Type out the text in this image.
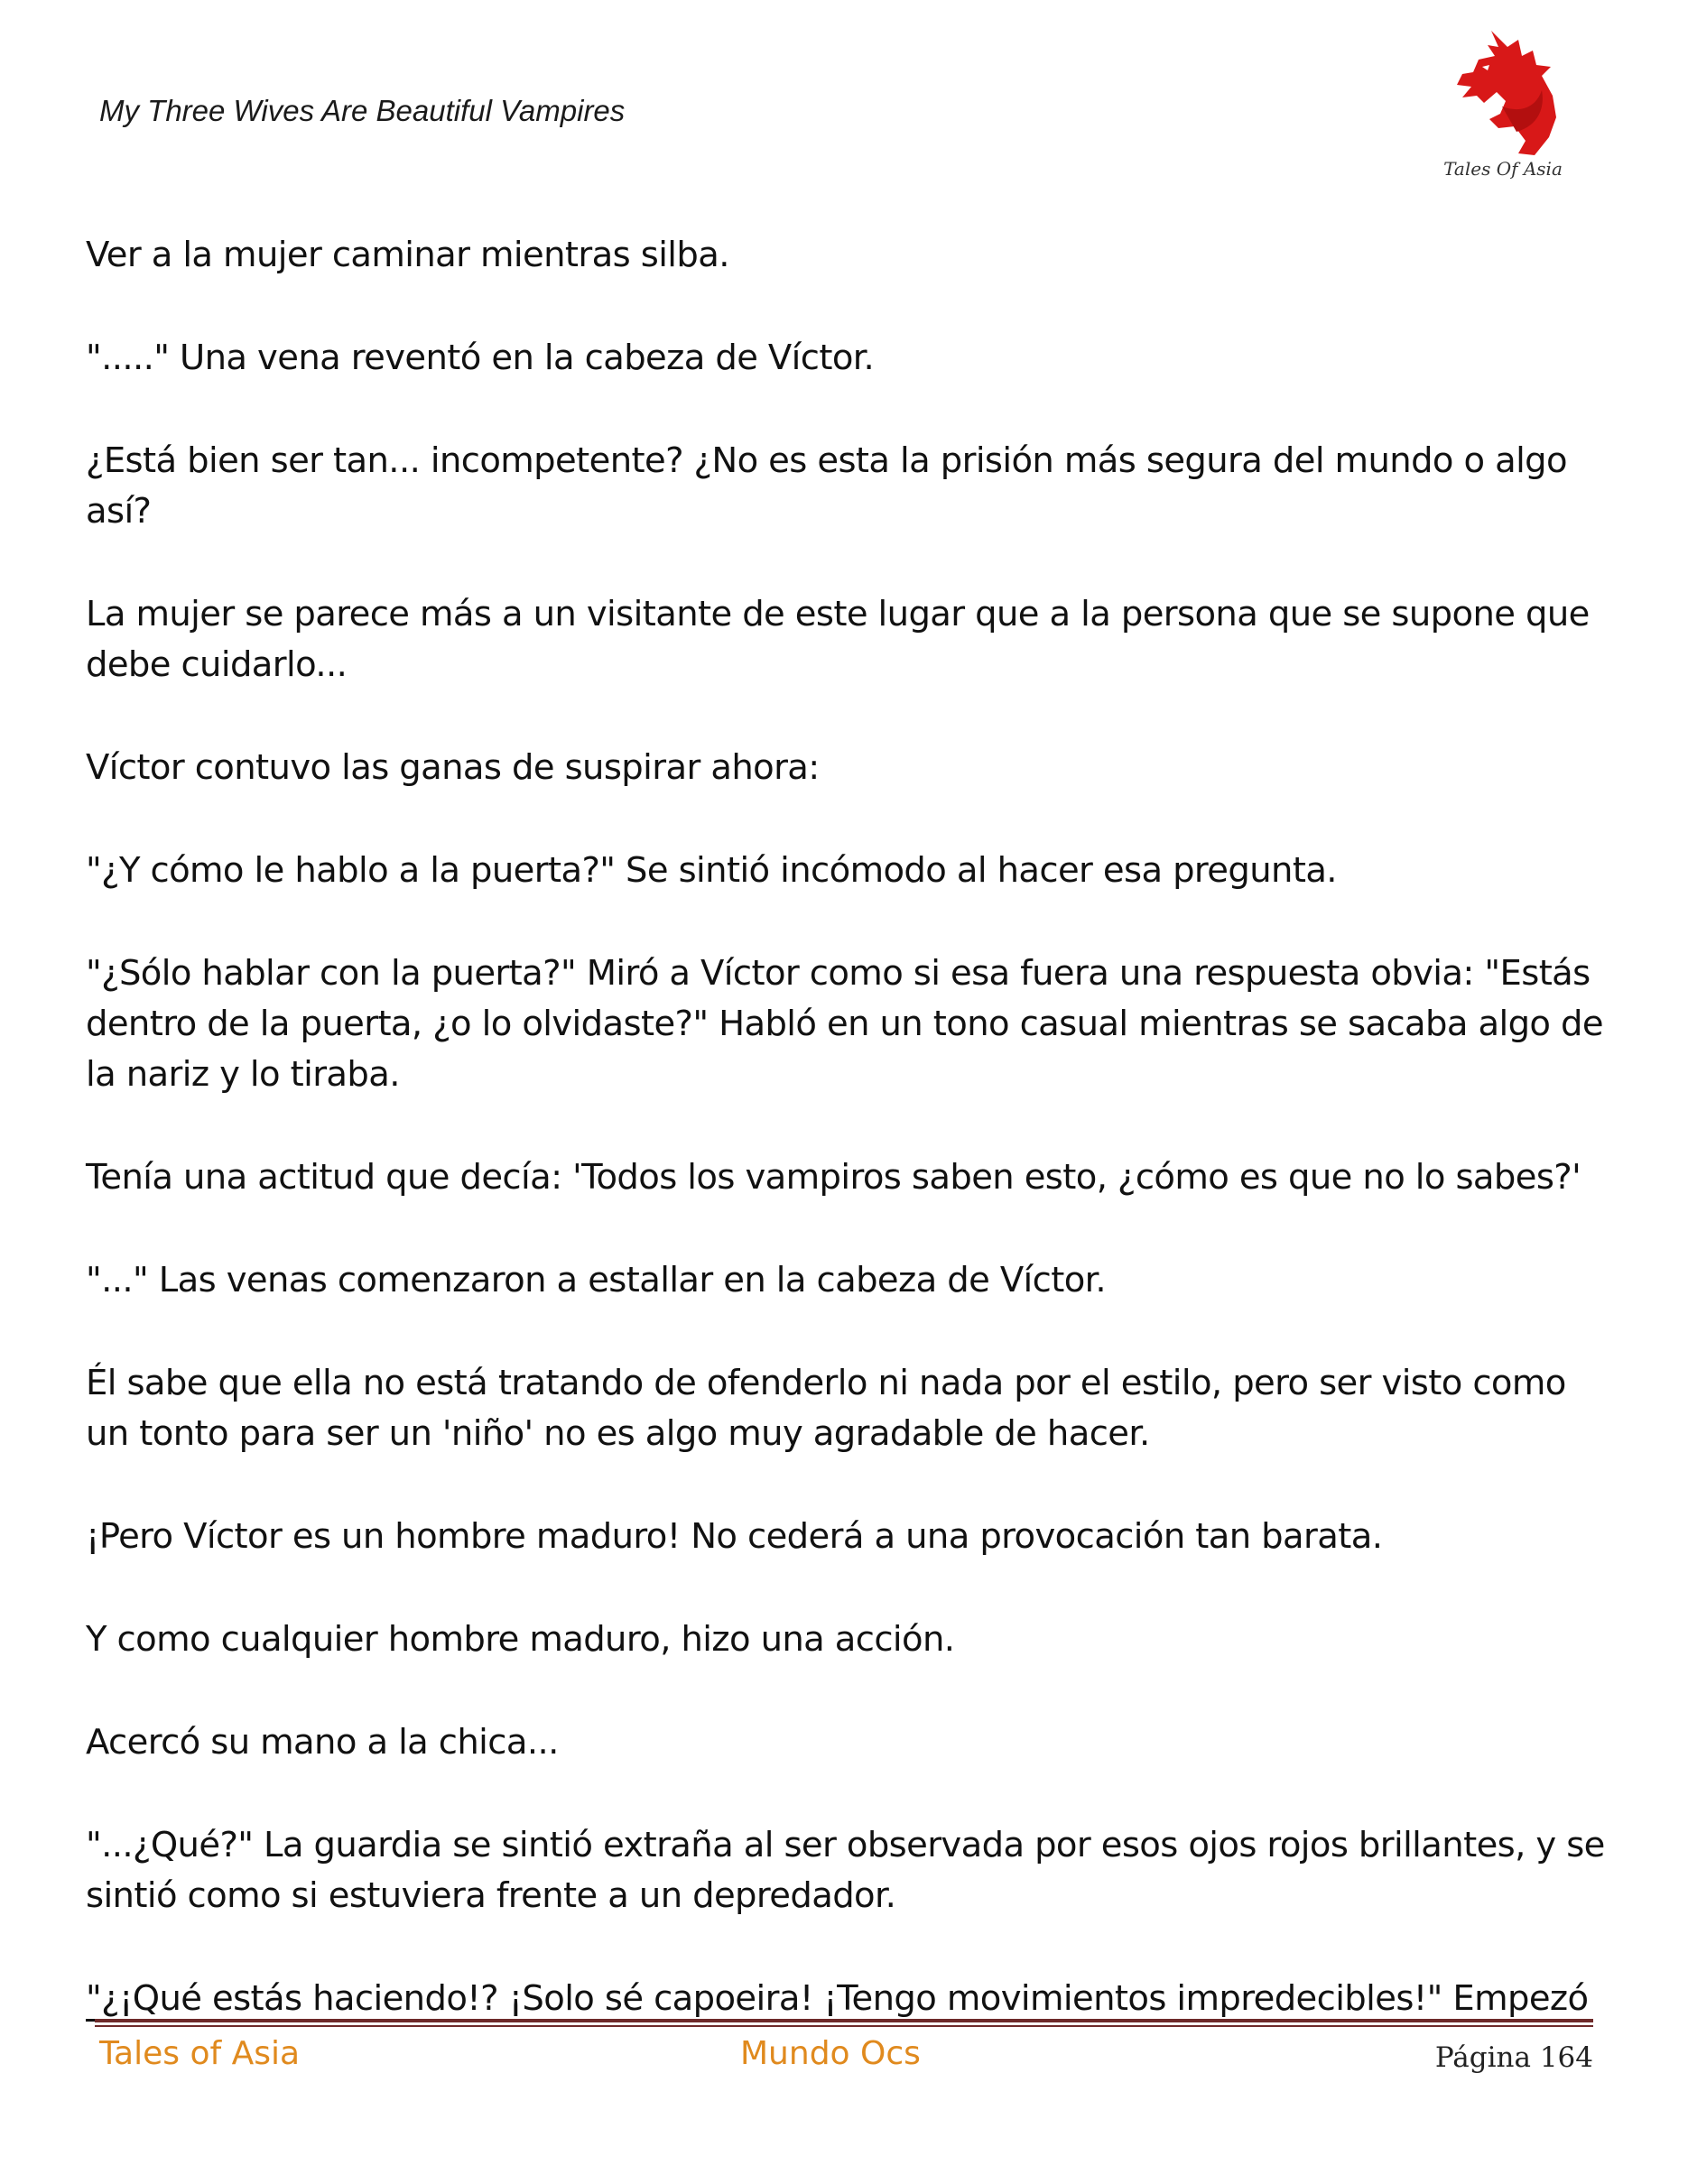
My Three Wives Are Beautiful Vampires
Tales Of Asia

Ver a la mujer caminar mientras silba.

"....." Una vena reventó en la cabeza de Víctor.

¿Está bien ser tan... incompetente? ¿No es esta la prisión más segura del mundo o algo así?

La mujer se parece más a un visitante de este lugar que a la persona que se supone que debe cuidarlo...

Víctor contuvo las ganas de suspirar ahora:

"¿Y cómo le hablo a la puerta?" Se sintió incómodo al hacer esa pregunta.

"¿Sólo hablar con la puerta?" Miró a Víctor como si esa fuera una respuesta obvia: "Estás dentro de la puerta, ¿o lo olvidaste?" Habló en un tono casual mientras se sacaba algo de la nariz y lo tiraba.

Tenía una actitud que decía: 'Todos los vampiros saben esto, ¿cómo es que no lo sabes?'

"..." Las venas comenzaron a estallar en la cabeza de Víctor.

Él sabe que ella no está tratando de ofenderlo ni nada por el estilo, pero ser visto como un tonto para ser un 'niño' no es algo muy agradable de hacer.

¡Pero Víctor es un hombre maduro! No cederá a una provocación tan barata.

Y como cualquier hombre maduro, hizo una acción.

Acercó su mano a la chica...

"...¿Qué?" La guardia se sintió extraña al ser observada por esos ojos rojos brillantes, y se sintió como si estuviera frente a un depredador.

"¿¡Qué estás haciendo!? ¡Solo sé capoeira! ¡Tengo movimientos impredecibles!" Empezó

Tales of Asia	Mundo Ocs	Página 164
